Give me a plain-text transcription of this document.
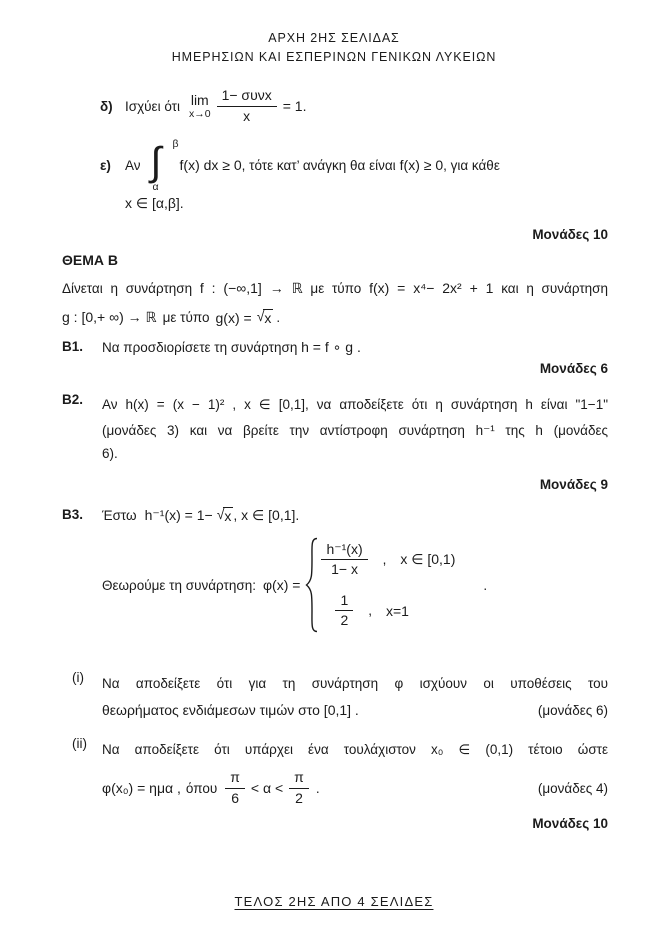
ΑΡΧΗ 2ΗΣ ΣΕΛΙΔΑΣ
ΗΜΕΡΗΣΙΩΝ ΚΑΙ ΕΣΠΕΡΙΝΩΝ ΓΕΝΙΚΩΝ ΛΥΚΕΙΩΝ
δ) Ισχύει ότι lim
$x\to 0 \frac{\text{1− συνx}}{x} = 1$.
ε)	Αν ∫ β
α
f(x) dx ≥ 0 , τότε κατ’ ανάγκη θα είναι f(x) ≥ 0 , για κάθε
x ∈ [α,β].
Μονάδες 10
ΘΕΜΑ Β
Δίνεται η συνάρτηση f : (−∞,1] → ℝ με τύπο f(x) = x⁴− 2x² + 1 και η συνάρτηση
g : [0,+ ∞) → ℝ με τύπο g(x) = √ x .
B1.	Να προσδιορίσετε τη συνάρτηση h = f ∘ g .
Μονάδες 6
B2.	Αν h(x) = (x − 1)² , x ∈ [0,1], να αποδείξετε ότι η συνάρτηση h είναι "1−1"
(μονάδες 3) και να βρείτε την αντίστροφη συνάρτηση h⁻¹ της h (μονάδες
6).
Μονάδες 9
B3.	Έστω h⁻¹(x) = 1− √ x , x ∈ [0,1].
Θεωρούμε τη συνάρτηση: φ(x) =
$\frac{\text{h⁻¹(x)}}{1- x}$ , x ∈ [0,1)
$\frac{1}{2}$ , x=1
.
(i)	Να αποδείξετε ότι για τη συνάρτηση φ ισχύουν οι υποθέσεις του
θεωρήματος ενδιάμεσων τιμών στο [0,1] .	(μονάδες 6)
(ii)	Να αποδείξετε ότι υπάρχει ένα τουλάχιστον x₀ ∈ (0,1) τέτοιο ώστε
φ(x₀) = ημα , όπου $\frac{\pi}{6} < \alpha < \frac{\pi}{2}$ .	(μονάδες 4)
Μονάδες 10
ΤΕΛΟΣ 2ΗΣ ΑΠΟ 4 ΣΕΛΙΔΕΣ
